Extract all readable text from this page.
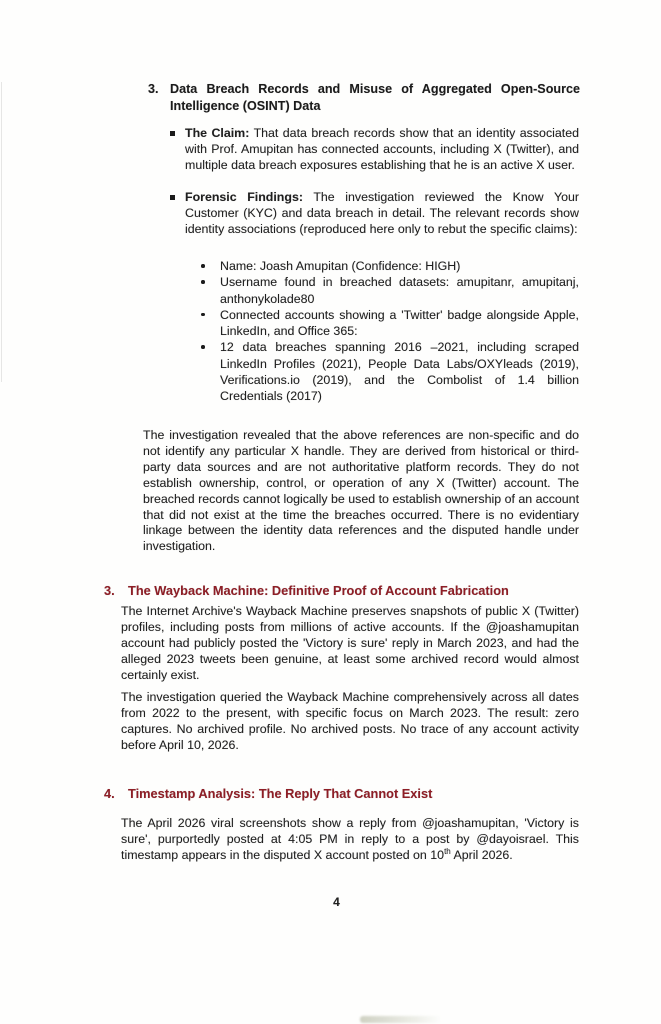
3. Data Breach Records and Misuse of Aggregated Open-Source Intelligence (OSINT) Data
The Claim: That data breach records show that an identity associated with Prof. Amupitan has connected accounts, including X (Twitter), and multiple data breach exposures establishing that he is an active X user.
Forensic Findings: The investigation reviewed the Know Your Customer (KYC) and data breach in detail. The relevant records show identity associations (reproduced here only to rebut the specific claims):
Name: Joash Amupitan (Confidence: HIGH)
Username found in breached datasets: amupitanr, amupitanj, anthonykolade80
Connected accounts showing a 'Twitter' badge alongside Apple, LinkedIn, and Office 365:
12 data breaches spanning 2016 –2021, including scraped LinkedIn Profiles (2021), People Data Labs/OXYleads (2019), Verifications.io (2019), and the Combolist of 1.4 billion Credentials (2017)
The investigation revealed that the above references are non-specific and do not identify any particular X handle. They are derived from historical or third-party data sources and are not authoritative platform records. They do not establish ownership, control, or operation of any X (Twitter) account. The breached records cannot logically be used to establish ownership of an account that did not exist at the time the breaches occurred. There is no evidentiary linkage between the identity data references and the disputed handle under investigation.
3.	The Wayback Machine: Definitive Proof of Account Fabrication
The Internet Archive's Wayback Machine preserves snapshots of public X (Twitter) profiles, including posts from millions of active accounts. If the @joashamupitan account had publicly posted the 'Victory is sure' reply in March 2023, and had the alleged 2023 tweets been genuine, at least some archived record would almost certainly exist.
The investigation queried the Wayback Machine comprehensively across all dates from 2022 to the present, with specific focus on March 2023. The result: zero captures. No archived profile. No archived posts. No trace of any account activity before April 10, 2026.
4.	Timestamp Analysis: The Reply That Cannot Exist
The April 2026 viral screenshots show a reply from @joashamupitan, 'Victory is sure', purportedly posted at 4:05 PM in reply to a post by @dayoisrael. This timestamp appears in the disputed X account posted on 10th April 2026.
4
